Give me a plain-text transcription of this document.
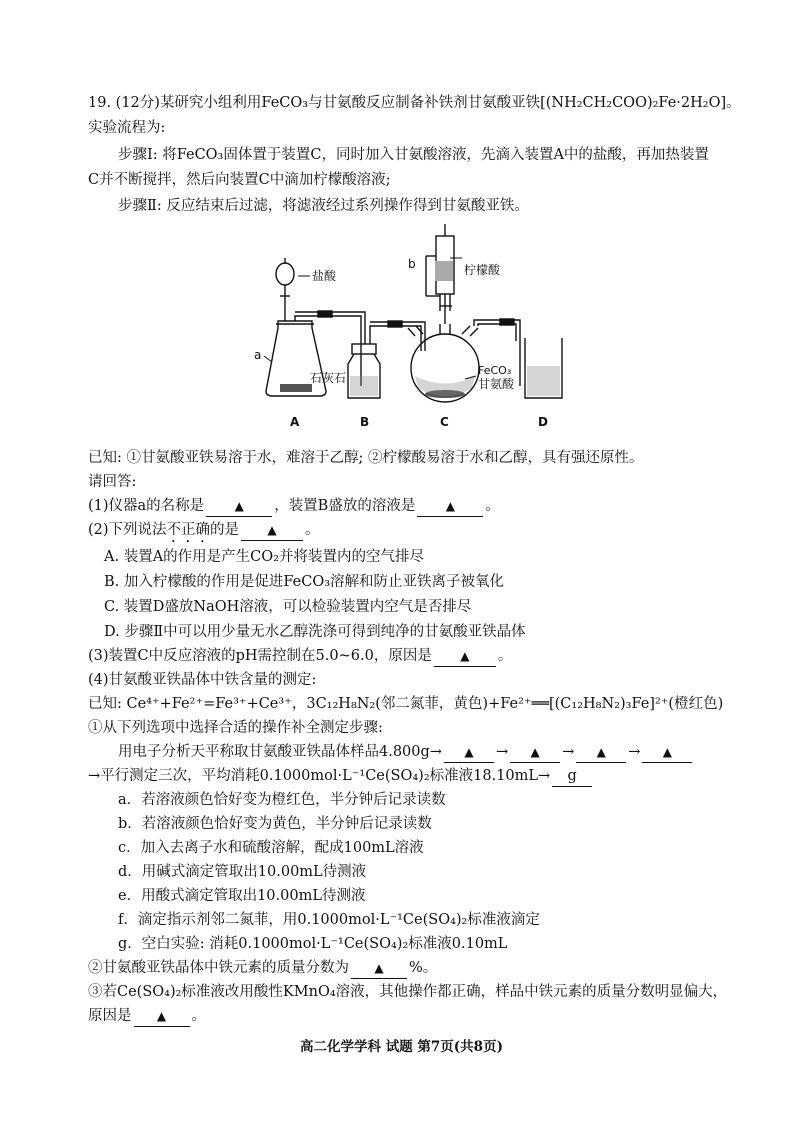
19. (12分)某研究小组利用FeCO₃与甘氨酸反应制备补铁剂甘氨酸亚铁[(NH₂CH₂COO)₂Fe·2H₂O]。
实验流程为:
步骤Ⅰ: 将FeCO₃固体置于装置C，同时加入甘氨酸溶液，先滴入装置A中的盐酸，再加热装置
C并不断搅拌，然后向装置C中滴加柠檬酸溶液;
步骤Ⅱ: 反应结束后过滤，将滤液经过系列操作得到甘氨酸亚铁。
盐酸
a
石灰石
b	柠檬酸
FeCO₃
甘氨酸
A	B	C	D
已知: ①甘氨酸亚铁易溶于水，难溶于乙醇; ②柠檬酸易溶于水和乙醇，具有强还原性。
请回答:
(1)仪器a的名称是	▲ ，装置B盛放的溶液是	▲ 。
(2)下列说法不正确的是 ▲ 。
A. 装置A的作用是产生CO₂并将装置内的空气排尽
B. 加入柠檬酸的作用是促进FeCO₃溶解和防止亚铁离子被氧化
C. 装置D盛放NaOH溶液，可以检验装置内空气是否排尽
D. 步骤Ⅱ中可以用少量无水乙醇洗涤可得到纯净的甘氨酸亚铁晶体
(3)装置C中反应溶液的pH需控制在5.0~6.0，原因是 ▲ 。
(4)甘氨酸亚铁晶体中铁含量的测定:
已知: Ce⁴⁺+Fe²⁺=Fe³⁺+Ce³⁺，3C₁₂H₈N₂(邻二氮菲，黄色)+Fe²⁺══[(C₁₂H₈N₂)₃Fe]²⁺(橙红色)
①从下列选项中选择合适的操作补全测定步骤:
用电子分析天平称取甘氨酸亚铁晶体样品4.800g→ ▲ → ▲ → ▲ → ▲
→平行测定三次，平均消耗0.1000mol·L⁻¹Ce(SO₄)₂标准液18.10mL→ g
a．若溶液颜色恰好变为橙红色，半分钟后记录读数
b．若溶液颜色恰好变为黄色，半分钟后记录读数
c．加入去离子水和硫酸溶解，配成100mL溶液
d．用碱式滴定管取出10.00mL待测液
e．用酸式滴定管取出10.00mL待测液
f．滴定指示剂邻二氮菲，用0.1000mol·L⁻¹Ce(SO₄)₂标准液滴定
g．空白实验: 消耗0.1000mol·L⁻¹Ce(SO₄)₂标准液0.10mL
②甘氨酸亚铁晶体中铁元素的质量分数为 ▲ %。
③若Ce(SO₄)₂标准液改用酸性KMnO₄溶液，其他操作都正确，样品中铁元素的质量分数明显偏大，
原因是 ▲ 。
高二化学学科 试题 第7页(共8页)
